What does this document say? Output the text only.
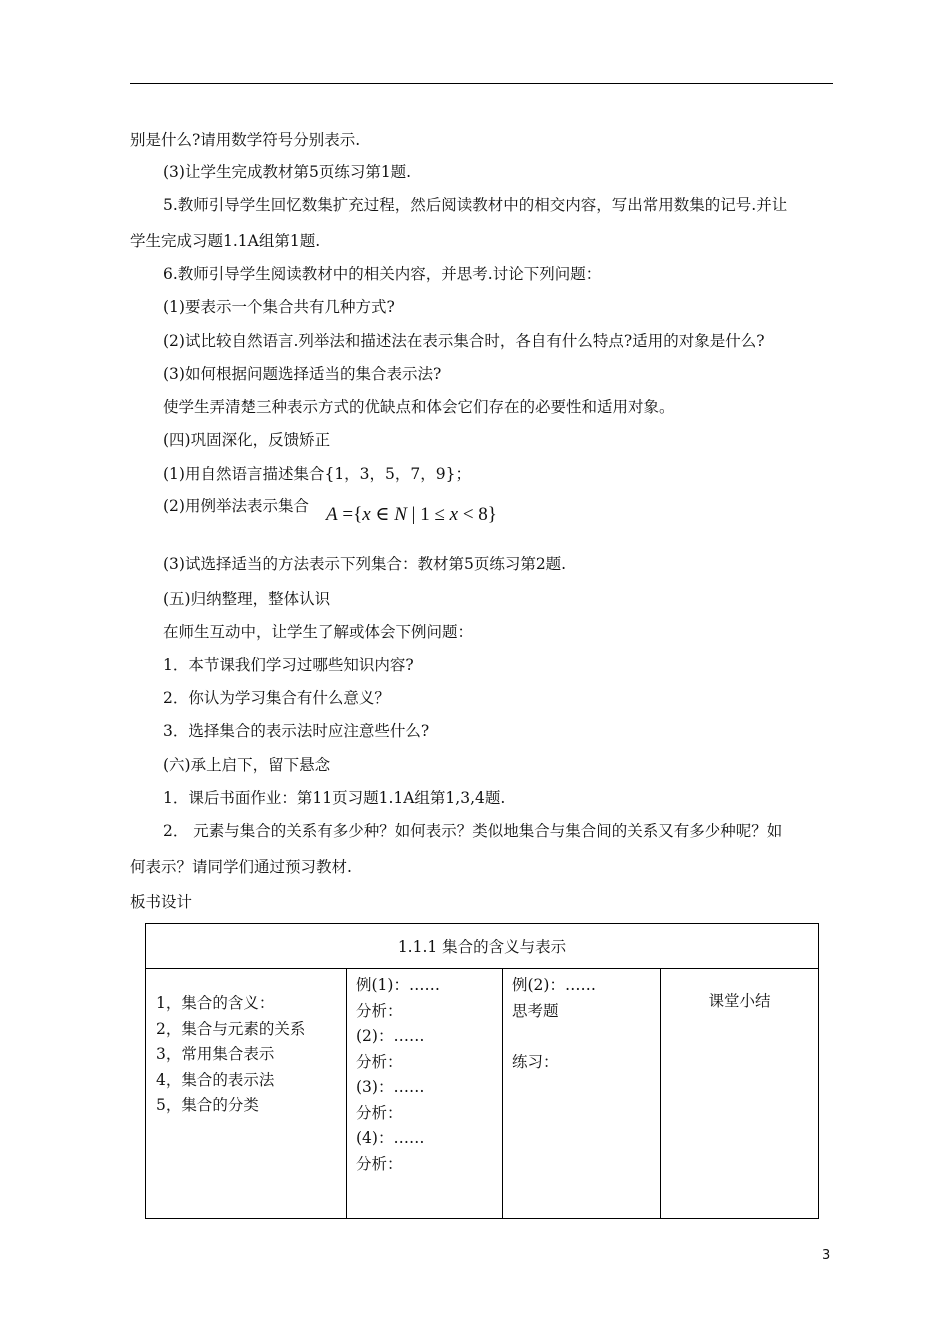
别是什么?请用数学符号分别表示.
(3)让学生完成教材第5页练习第1题.
5.教师引导学生回忆数集扩充过程，然后阅读教材中的相交内容，写出常用数集的记号.并让
学生完成习题1.1A组第1题.
6.教师引导学生阅读教材中的相关内容，并思考.讨论下列问题：
(1)要表示一个集合共有几种方式?
(2)试比较自然语言.列举法和描述法在表示集合时，各自有什么特点?适用的对象是什么?
(3)如何根据问题选择适当的集合表示法?
使学生弄清楚三种表示方式的优缺点和体会它们存在的必要性和适用对象。
(四)巩固深化，反馈矫正
(1)用自然语言描述集合{1，3，5，7，9}；
(2)用例举法表示集合 A ={x ∈ N | 1 ≤ x < 8}
(3)试选择适当的方法表示下列集合：教材第5页练习第2题.
(五)归纳整理，整体认识
在师生互动中，让学生了解或体会下例问题：
1．本节课我们学习过哪些知识内容?
2．你认为学习集合有什么意义？
3．选择集合的表示法时应注意些什么?
(六)承上启下，留下悬念
1．课后书面作业：第11页习题1.1A组第1,3,4题.
2． 元素与集合的关系有多少种？如何表示？类似地集合与集合间的关系又有多少种呢？如
何表示？请同学们通过预习教材.
板书设计
1.1.1 集合的含义与表示

1，集合的含义：
2，集合与元素的关系
3，常用集合表示
4，集合的表示法
5，集合的分类

例(1)：……
分析：
(2)：……
分析：
(3)：……
分析：
(4)：……
分析：

例(2)：……
思考题
练习：
	课堂小结
3
